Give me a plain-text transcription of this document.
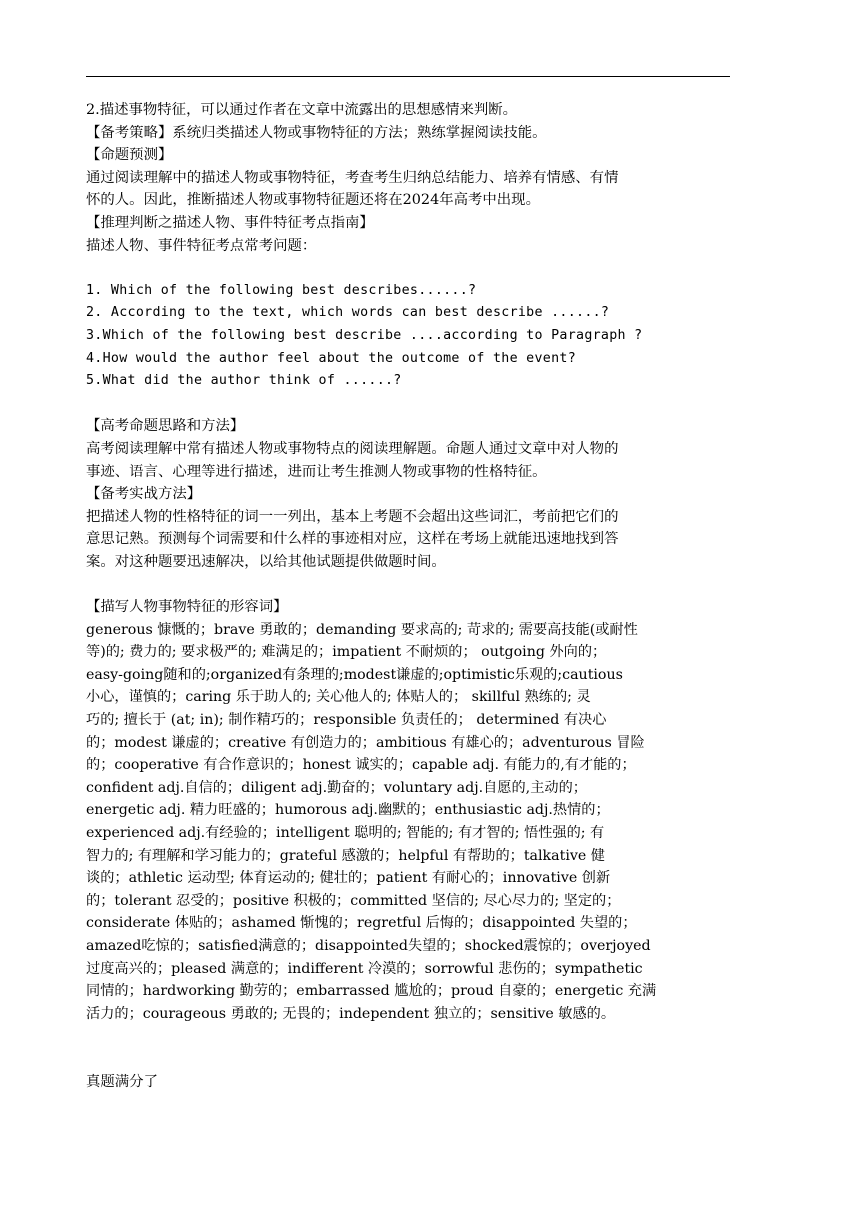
2.描述事物特征，可以通过作者在文章中流露出的思想感情来判断。
【备考策略】系统归类描述人物或事物特征的方法；熟练掌握阅读技能。
【命题预测】
通过阅读理解中的描述人物或事物特征，考查考生归纳总结能力、培养有情感、有情
怀的人。因此，推断描述人物或事物特征题还将在2024年高考中出现。
【推理判断之描述人物、事件特征考点指南】
描述人物、事件特征考点常考问题：
1. Which of the following best describes......?
2. According to the text, which words can best describe ......?
3.Which of the following best describe ....according to Paragraph ?
4.How would the author feel about the outcome of the event?
5.What did the author think of ......?
【高考命题思路和方法】
高考阅读理解中常有描述人物或事物特点的阅读理解题。命题人通过文章中对人物的
事迹、语言、心理等进行描述，进而让考生推测人物或事物的性格特征。
【备考实战方法】
把描述人物的性格特征的词一一列出，基本上考题不会超出这些词汇，考前把它们的
意思记熟。预测每个词需要和什么样的事迹相对应，这样在考场上就能迅速地找到答
案。对这种题要迅速解决，以给其他试题提供做题时间。
【描写人物事物特征的形容词】
generous 慷慨的；brave 勇敢的；demanding 要求高的; 苛求的; 需要高技能(或耐性
等)的; 费力的; 要求极严的; 难满足的；impatient 不耐烦的； outgoing 外向的；
easy-going随和的;organized有条理的;modest谦虚的;optimistic乐观的;cautious
小心，谨慎的；caring 乐于助人的; 关心他人的; 体贴人的； skillful 熟练的; 灵
巧的; 擅长于 (at; in); 制作精巧的；responsible 负责任的； determined 有决心
的；modest 谦虚的；creative 有创造力的；ambitious 有雄心的；adventurous 冒险
的；cooperative 有合作意识的；honest 诚实的；capable adj. 有能力的,有才能的；
confident adj.自信的；diligent adj.勤奋的；voluntary adj.自愿的,主动的；
energetic adj. 精力旺盛的；humorous adj.幽默的；enthusiastic adj.热情的；
experienced adj.有经验的；intelligent 聪明的; 智能的; 有才智的; 悟性强的; 有
智力的; 有理解和学习能力的；grateful 感激的；helpful 有帮助的；talkative 健
谈的；athletic 运动型; 体育运动的; 健壮的；patient 有耐心的；innovative 创新
的；tolerant 忍受的；positive 积极的；committed 坚信的; 尽心尽力的; 坚定的；
considerate 体贴的；ashamed 惭愧的；regretful 后悔的；disappointed 失望的；
amazed吃惊的；satisfied满意的；disappointed失望的；shocked震惊的；overjoyed
过度高兴的；pleased 满意的；indifferent 冷漠的；sorrowful 悲伤的；sympathetic
同情的；hardworking 勤劳的；embarrassed 尴尬的；proud 自豪的；energetic 充满
活力的；courageous 勇敢的; 无畏的；independent 独立的；sensitive 敏感的。
真题满分了
